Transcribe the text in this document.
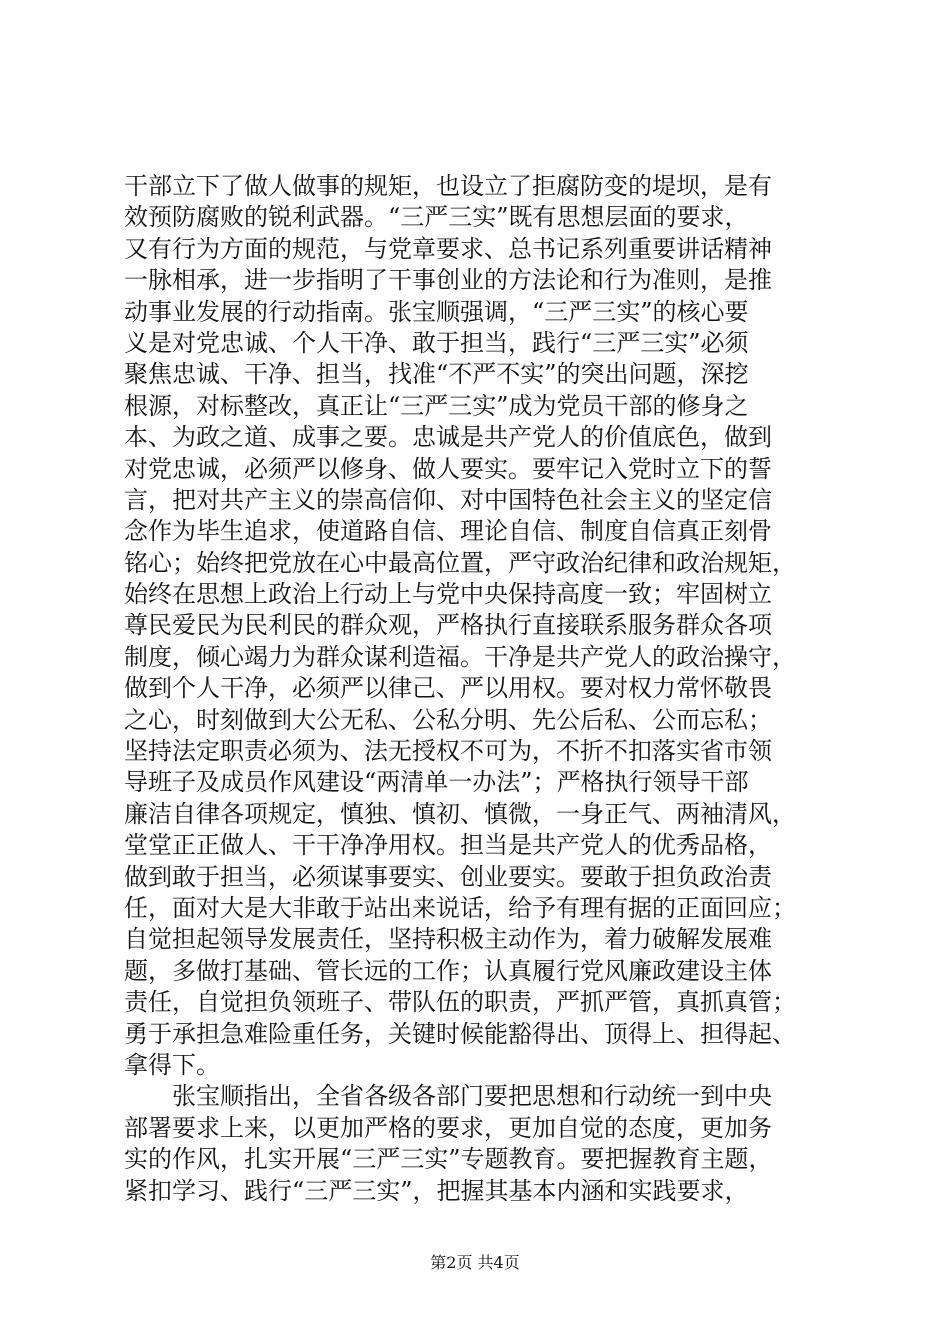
干部立下了做人做事的规矩，也设立了拒腐防变的堤坝，是有
效预防腐败的锐利武器。“三严三实”既有思想层面的要求，
又有行为方面的规范，与党章要求、总书记系列重要讲话精神
一脉相承，进一步指明了干事创业的方法论和行为准则，是推
动事业发展的行动指南。张宝顺强调，“三严三实”的核心要
义是对党忠诚、个人干净、敢于担当，践行“三严三实”必须
聚焦忠诚、干净、担当，找准“不严不实”的突出问题，深挖
根源，对标整改，真正让“三严三实”成为党员干部的修身之
本、为政之道、成事之要。忠诚是共产党人的价值底色，做到
对党忠诚，必须严以修身、做人要实。要牢记入党时立下的誓
言，把对共产主义的崇高信仰、对中国特色社会主义的坚定信
念作为毕生追求，使道路自信、理论自信、制度自信真正刻骨
铭心；始终把党放在心中最高位置，严守政治纪律和政治规矩，
始终在思想上政治上行动上与党中央保持高度一致；牢固树立
尊民爱民为民利民的群众观，严格执行直接联系服务群众各项
制度，倾心竭力为群众谋利造福。干净是共产党人的政治操守，
做到个人干净，必须严以律己、严以用权。要对权力常怀敬畏
之心，时刻做到大公无私、公私分明、先公后私、公而忘私；
坚持法定职责必须为、法无授权不可为，不折不扣落实省市领
导班子及成员作风建设“两清单一办法”；严格执行领导干部
廉洁自律各项规定，慎独、慎初、慎微，一身正气、两袖清风，
堂堂正正做人、干干净净用权。担当是共产党人的优秀品格，
做到敢于担当，必须谋事要实、创业要实。要敢于担负政治责
任，面对大是大非敢于站出来说话，给予有理有据的正面回应；
自觉担起领导发展责任，坚持积极主动作为，着力破解发展难
题，多做打基础、管长远的工作；认真履行党风廉政建设主体
责任，自觉担负领班子、带队伍的职责，严抓严管，真抓真管；
勇于承担急难险重任务，关键时候能豁得出、顶得上、担得起、
拿得下。
　　张宝顺指出，全省各级各部门要把思想和行动统一到中央
部署要求上来，以更加严格的要求，更加自觉的态度，更加务
实的作风，扎实开展“三严三实”专题教育。要把握教育主题，
紧扣学习、践行“三严三实”，把握其基本内涵和实践要求，
第2页 共4页
